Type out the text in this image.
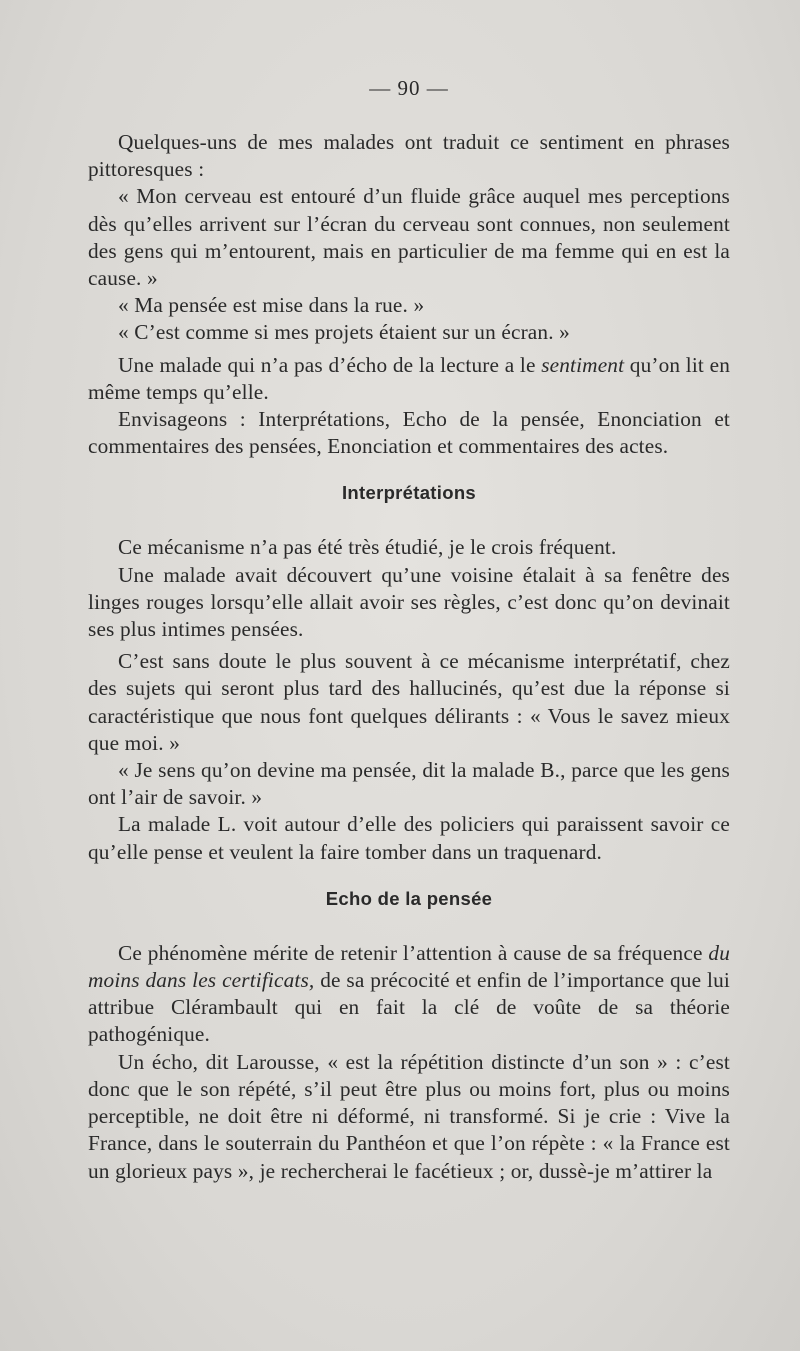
— 90 —

Quelques-uns de mes malades ont traduit ce sentiment en phrases pittoresques :

« Mon cerveau est entouré d’un fluide grâce auquel mes perceptions dès qu’elles arrivent sur l’écran du cerveau sont connues, non seulement des gens qui m’entourent, mais en particulier de ma femme qui en est la cause. »

« Ma pensée est mise dans la rue. »

« C’est comme si mes projets étaient sur un écran. »

Une malade qui n’a pas d’écho de la lecture a le sentiment qu’on lit en même temps qu’elle.

Envisageons : Interprétations, Echo de la pensée, Enonciation et commentaires des pensées, Enonciation et commentaires des actes.

Interprétations

Ce mécanisme n’a pas été très étudié, je le crois fréquent.

Une malade avait découvert qu’une voisine étalait à sa fenêtre des linges rouges lorsqu’elle allait avoir ses règles, c’est donc qu’on devinait ses plus intimes pensées.

C’est sans doute le plus souvent à ce mécanisme interprétatif, chez des sujets qui seront plus tard des hallucinés, qu’est due la réponse si caractéristique que nous font quelques délirants : « Vous le savez mieux que moi. »

« Je sens qu’on devine ma pensée, dit la malade B., parce que les gens ont l’air de savoir. »

La malade L. voit autour d’elle des policiers qui paraissent savoir ce qu’elle pense et veulent la faire tomber dans un traquenard.

Echo de la pensée

Ce phénomène mérite de retenir l’attention à cause de sa fréquence du moins dans les certificats, de sa précocité et enfin de l’importance que lui attribue Clérambault qui en fait la clé de voûte de sa théorie pathogénique.

Un écho, dit Larousse, « est la répétition distincte d’un son » : c’est donc que le son répété, s’il peut être plus ou moins fort, plus ou moins perceptible, ne doit être ni déformé, ni transformé. Si je crie : Vive la France, dans le souterrain du Panthéon et que l’on répète : « la France est un glorieux pays », je rechercherai le facétieux ; or, dussè-je m’attirer la
